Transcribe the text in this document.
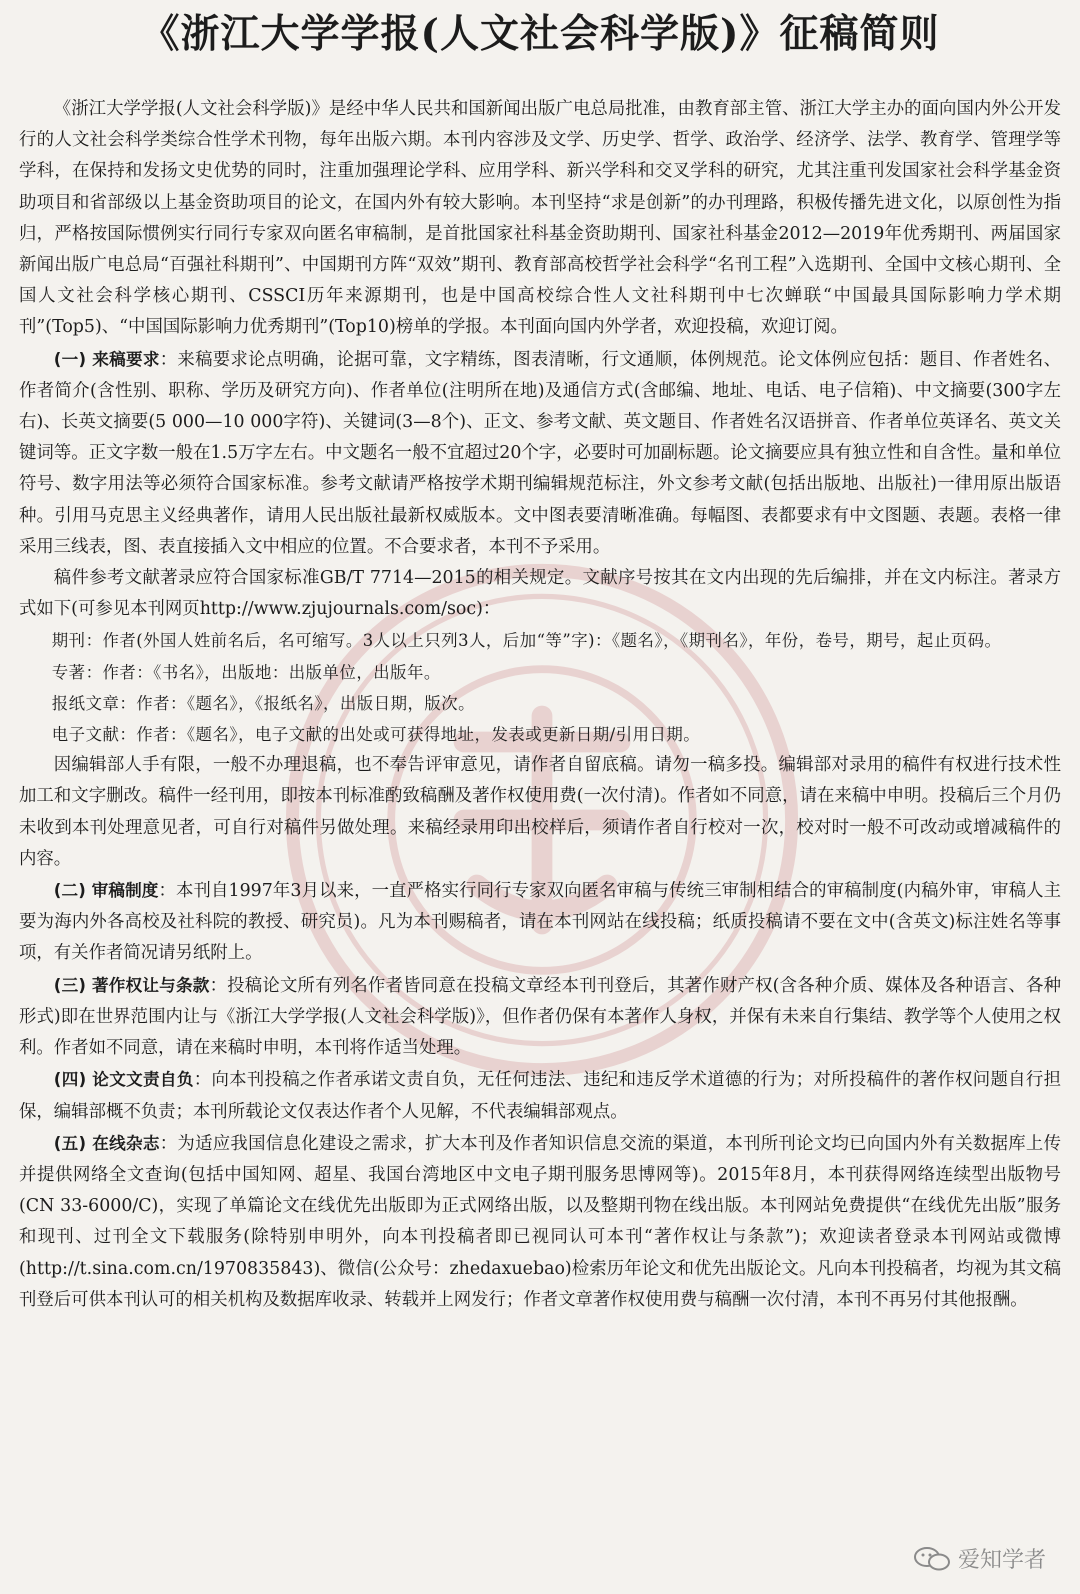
《浙江大学学报(人文社会科学版)》征稿简则

《浙江大学学报(人文社会科学版)》是经中华人民共和国新闻出版广电总局批准，由教育部主管、浙江大学主办的面向国内外公开发行的人文社会科学类综合性学术刊物，每年出版六期。本刊内容涉及文学、历史学、哲学、政治学、经济学、法学、教育学、管理学等学科，在保持和发扬文史优势的同时，注重加强理论学科、应用学科、新兴学科和交叉学科的研究，尤其注重刊发国家社会科学基金资助项目和省部级以上基金资助项目的论文，在国内外有较大影响。本刊坚持“求是创新”的办刊理路，积极传播先进文化，以原创性为指归，严格按国际惯例实行同行专家双向匿名审稿制，是首批国家社科基金资助期刊、国家社科基金2012—2019年优秀期刊、两届国家新闻出版广电总局“百强社科期刊”、中国期刊方阵“双效”期刊、教育部高校哲学社会科学“名刊工程”入选期刊、全国中文核心期刊、全国人文社会科学核心期刊、CSSCI历年来源期刊，也是中国高校综合性人文社科期刊中七次蝉联“中国最具国际影响力学术期刊”(Top5)、“中国国际影响力优秀期刊”(Top10)榜单的学报。本刊面向国内外学者，欢迎投稿，欢迎订阅。

(一) 来稿要求：来稿要求论点明确，论据可靠，文字精练，图表清晰，行文通顺，体例规范。论文体例应包括：题目、作者姓名、作者简介(含性别、职称、学历及研究方向)、作者单位(注明所在地)及通信方式(含邮编、地址、电话、电子信箱)、中文摘要(300字左右)、长英文摘要(5 000—10 000字符)、关键词(3—8个)、正文、参考文献、英文题目、作者姓名汉语拼音、作者单位英译名、英文关键词等。正文字数一般在1.5万字左右。中文题名一般不宜超过20个字，必要时可加副标题。论文摘要应具有独立性和自含性。量和单位符号、数字用法等必须符合国家标准。参考文献请严格按学术期刊编辑规范标注，外文参考文献(包括出版地、出版社)一律用原出版语种。引用马克思主义经典著作，请用人民出版社最新权威版本。文中图表要清晰准确。每幅图、表都要求有中文图题、表题。表格一律采用三线表，图、表直接插入文中相应的位置。不合要求者，本刊不予采用。

稿件参考文献著录应符合国家标准GB/T 7714—2015的相关规定。文献序号按其在文内出现的先后编排，并在文内标注。著录方式如下(可参见本刊网页http://www.zjujournals.com/soc)：

期刊：作者(外国人姓前名后，名可缩写。3人以上只列3人，后加“等”字)：《题名》，《期刊名》，年份，卷号，期号，起止页码。

专著：作者：《书名》，出版地：出版单位，出版年。

报纸文章：作者：《题名》，《报纸名》，出版日期，版次。

电子文献：作者：《题名》，电子文献的出处或可获得地址，发表或更新日期/引用日期。

因编辑部人手有限，一般不办理退稿，也不奉告评审意见，请作者自留底稿。请勿一稿多投。编辑部对录用的稿件有权进行技术性加工和文字删改。稿件一经刊用，即按本刊标准酌致稿酬及著作权使用费(一次付清)。作者如不同意，请在来稿中申明。投稿后三个月仍未收到本刊处理意见者，可自行对稿件另做处理。来稿经录用印出校样后，须请作者自行校对一次，校对时一般不可改动或增减稿件的内容。

(二) 审稿制度：本刊自1997年3月以来，一直严格实行同行专家双向匿名审稿与传统三审制相结合的审稿制度(内稿外审，审稿人主要为海内外各高校及社科院的教授、研究员)。凡为本刊赐稿者，请在本刊网站在线投稿；纸质投稿请不要在文中(含英文)标注姓名等事项，有关作者简况请另纸附上。

(三) 著作权让与条款：投稿论文所有列名作者皆同意在投稿文章经本刊刊登后，其著作财产权(含各种介质、媒体及各种语言、各种形式)即在世界范围内让与《浙江大学学报(人文社会科学版)》，但作者仍保有本著作人身权，并保有未来自行集结、教学等个人使用之权利。作者如不同意，请在来稿时申明，本刊将作适当处理。

(四) 论文文责自负：向本刊投稿之作者承诺文责自负，无任何违法、违纪和违反学术道德的行为；对所投稿件的著作权问题自行担保，编辑部概不负责；本刊所载论文仅表达作者个人见解，不代表编辑部观点。

(五) 在线杂志：为适应我国信息化建设之需求，扩大本刊及作者知识信息交流的渠道，本刊所刊论文均已向国内外有关数据库上传并提供网络全文查询(包括中国知网、超星、我国台湾地区中文电子期刊服务思博网等)。2015年8月，本刊获得网络连续型出版物号(CN 33-6000/C)，实现了单篇论文在线优先出版即为正式网络出版，以及整期刊物在线出版。本刊网站免费提供“在线优先出版”服务和现刊、过刊全文下载服务(除特别申明外，向本刊投稿者即已视同认可本刊“著作权让与条款”)；欢迎读者登录本刊网站或微博(http://t.sina.com.cn/1970835843)、微信(公众号：zhedaxuebao)检索历年论文和优先出版论文。凡向本刊投稿者，均视为其文稿刊登后可供本刊认可的相关机构及数据库收录、转载并上网发行；作者文章著作权使用费与稿酬一次付清，本刊不再另付其他报酬。

爱知学者
